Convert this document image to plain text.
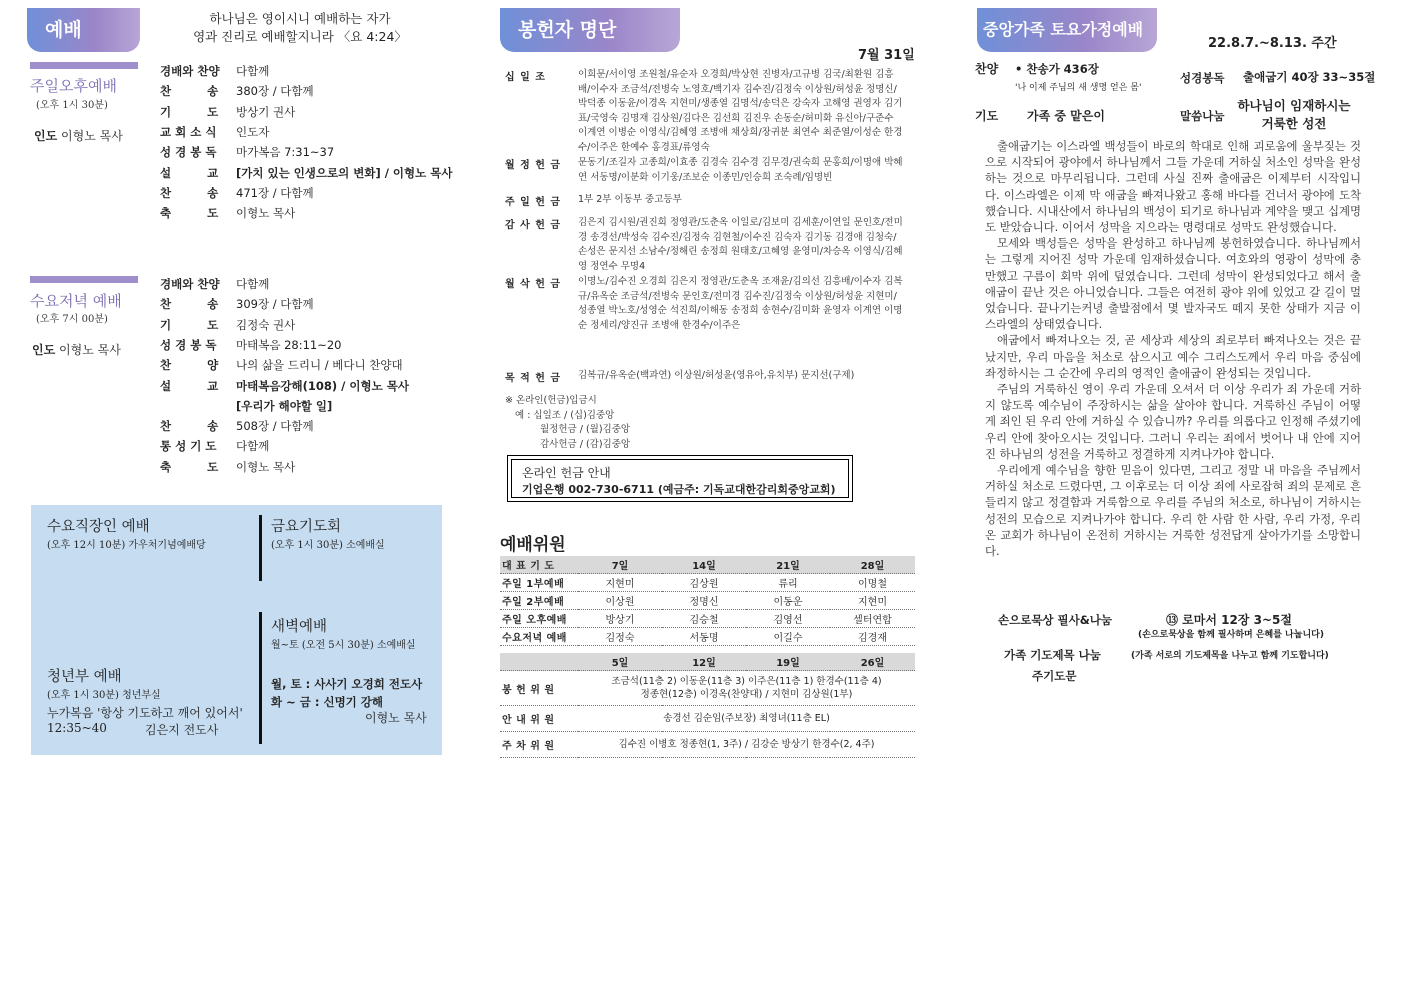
예배
하나님은 영이시니 예배하는 자가
영과 진리로 예배할지니라 〈요 4:24〉
주일오후예배
(오후 1시 30분)
인도 이형노 목사
경배와 찬양 다함께
찬         송 380장 / 다함께
기         도 방상기 권사
교 회 소 식 인도자
성 경 봉 독 마가복음 7:31~37
설         교 [가치 있는 인생으로의 변화] / 이형노 목사
찬         송 471장 / 다함께
축         도 이형노 목사
수요저녁 예배
(오후 7시 00분)
인도 이형노 목사
경배와 찬양 다함께
찬         송 309장 / 다함께
기         도 김정숙 권사
성 경 봉 독 마태복음 28:11~20
찬         양 나의 삶을 드리니 / 베다니 찬양대
설         교 마태복음강해(108) / 이형노 목사
[우리가 해야할 일]
찬         송 508장 / 다함께
통 성 기 도 다함께
축         도 이형노 목사
수요직장인 예배
(오후 12시 10분) 가우처기념예배당
금요기도회
(오후 1시 30분) 소예배실
새벽예배
월~토 (오전 5시 30분) 소예배실
월, 토 : 사사기 오경희 전도사
화 ~ 금 : 신명기 강해
이형노 목사
청년부 예배
(오후 1시 30분) 청년부실
누가복음 '항상 기도하고 깨어 있어서'
12:35~40	김은지 전도사
봉헌자 명단
7월 31일
십 일 조	이희문/서이영 조원철/유순자 오경희/박상현 진병자/고규병 김국/최환원 김흥배/이수자 조금석/전병숙 노영호/백기자 김수진/김정숙 이상원/허성윤 정명신/박덕종 이동윤/이경옥 지현미/생종열 김명석/송덕은 강숙자 고해영 권영자 김기표/국영숙 김명재 김상원/김다은 김선희 김진우 손동순/허미화 유신아/구준수 이계연 이병순 이영식/김혜영 조병애 채상희/장귀분 최연수 최준열/이성순 한경수/이주은 한예수 홍경표/류영숙
월 정 헌 금	문동기/조길자 고종희/이효종 김경숙 김수경 김무경/권숙희 문홍희/이명애 박혜연 서동명/이분화 이기웅/조보순 이종민/인승희 조숙례/임명빈
주 일 헌 금	1부 2부 이동부 중고등부
감 사 헌 금	김은지 김시원/권진희 정영관/도춘옥 이일로/김보미 김세훈/이연일 문인호/전미경 송경선/박성숙 김수진/김정숙 김현철/이수진 김숙자 김기동 김경애 김청숙/손성은 문지선 소남수/정해린 송정희 원태호/고혜영 윤영미/차승옥 이영식/김혜영 정연수 무명4
월 삭 헌 금	이명노/김수진 오경희 김은지 정영관/도춘옥 조재윤/김의선 김흥배/이수자 김복규/유옥순 조금석/전병숙 문인호/전미경 김수진/김정숙 이상원/허성윤 지현미/성종열 박노호/성영순 석진희/이해동 송정희 송현수/김미화 윤영자 이계연 이명순 정세리/양진규 조병애 한경수/이주은
목 적 헌 금	김복규/유옥순(백과연) 이상원/허성윤(영유아,유치부) 문지선(구제)
※ 온라인(헌금)입금시
예 : 십일조 / (십)김중앙
월정헌금 / (월)김중앙
감사헌금 / (감)김중앙
온라인 헌금 안내
기업은행 002-730-6711 (예금주: 기독교대한감리회중앙교회)
예배위원
대 표 기 도	7일	14일	21일	28일
주일 1부예배	지현미	김상원	류리	이명철
주일 2부예배	이상원	정명신	이동운	지현미
주일 오후예배	방상기	김승철	김영선	셀터연합
수요저녁 예배	김정숙	서동명	이길수	김경재
	5일	12일	19일	26일
봉 헌 위 원	조금석(11층 2) 이동운(11층 3) 이주은(11층 1) 한경수(11층 4)
정종현(12층) 이경옥(찬양대) / 지현미 김상원(1부)			

안 내 위 원	송경선 김순임(주보장) 최영녀(11층 EL)			

주 차 위 원	김수진 이병호 정종현(1, 3주) / 김강순 방상기 한경수(2, 4주)			
중앙가족 토요가정예배
22.8.7.~8.13. 주간
찬양 • 찬송가 436장
'나 이제 주님의 새 생명 얻은 몸'
성경봉독 출애굽기 40장 33~35절
기도 가족 중 맡은이	말씀나눔
하나님이 임재하시는
거룩한 성전
출애굽기는 이스라엘 백성들이 바로의 학대로 인해 괴로움에 울부짖는 것으로 시작되어 광야에서 하나님께서 그들 가운데 거하실 처소인 성막을 완성하는 것으로 마무리됩니다. 그런데 사실 진짜 출애굽은 이제부터 시작입니다. 이스라엘은 이제 막 애굽을 빠져나왔고 홍해 바다를 건너서 광야에 도착했습니다. 시내산에서 하나님의 백성이 되기로 하나님과 계약을 맺고 십계명도 받았습니다. 이어서 성막을 지으라는 명령대로 성막도 완성했습니다.
모세와 백성들은 성막을 완성하고 하나님께 봉헌하였습니다. 하나님께서는 그렇게 지어진 성막 가운데 임재하셨습니다. 여호와의 영광이 성막에 충만했고 구름이 회막 위에 덮였습니다. 그런데 성막이 완성되었다고 해서 출애굽이 끝난 것은 아니었습니다. 그들은 여전히 광야 위에 있었고 갈 길이 멀었습니다. 끝나기는커녕 출발점에서 몇 발자국도 떼지 못한 상태가 지금 이스라엘의 상태였습니다.
애굽에서 빠져나오는 것, 곧 세상과 세상의 죄로부터 빠져나오는 것은 끝났지만, 우리 마음을 처소로 삼으시고 예수 그리스도께서 우리 마음 중심에 좌정하시는 그 순간에 우리의 영적인 출애굽이 완성되는 것입니다.
주님의 거룩하신 영이 우리 가운데 오셔서 더 이상 우리가 죄 가운데 거하지 않도록 예수님이 주장하시는 삶을 살아야 합니다. 거룩하신 주님이 어떻게 죄인 된 우리 안에 거하실 수 있습니까? 우리를 의롭다고 인정해 주셨기에 우리 안에 찾아오시는 것입니다. 그러니 우리는 죄에서 벗어나 내 안에 지어진 하나님의 성전을 거룩하고 정결하게 지켜나가야 합니다.
우리에게 예수님을 향한 믿음이 있다면, 그리고 정말 내 마음을 주님께서 거하실 처소로 드렸다면, 그 이후로는 더 이상 죄에 사로잡혀 죄의 문제로 흔들리지 않고 정결함과 거룩함으로 우리를 주님의 처소로, 하나님이 거하시는 성전의 모습으로 지켜나가야 합니다. 우리 한 사람 한 사람, 우리 가정, 우리 온 교회가 하나님이 온전히 거하시는 거룩한 성전답게 살아가기를 소망합니다.
손으로묵상 필사&나눔	⑬ 로마서 12장 3~5절
(손으로묵상을 함께 필사하며 은혜를 나눕니다)
가족 기도제목 나눔	(가족 서로의 기도제목을 나누고 함께 기도합니다)
주기도문
